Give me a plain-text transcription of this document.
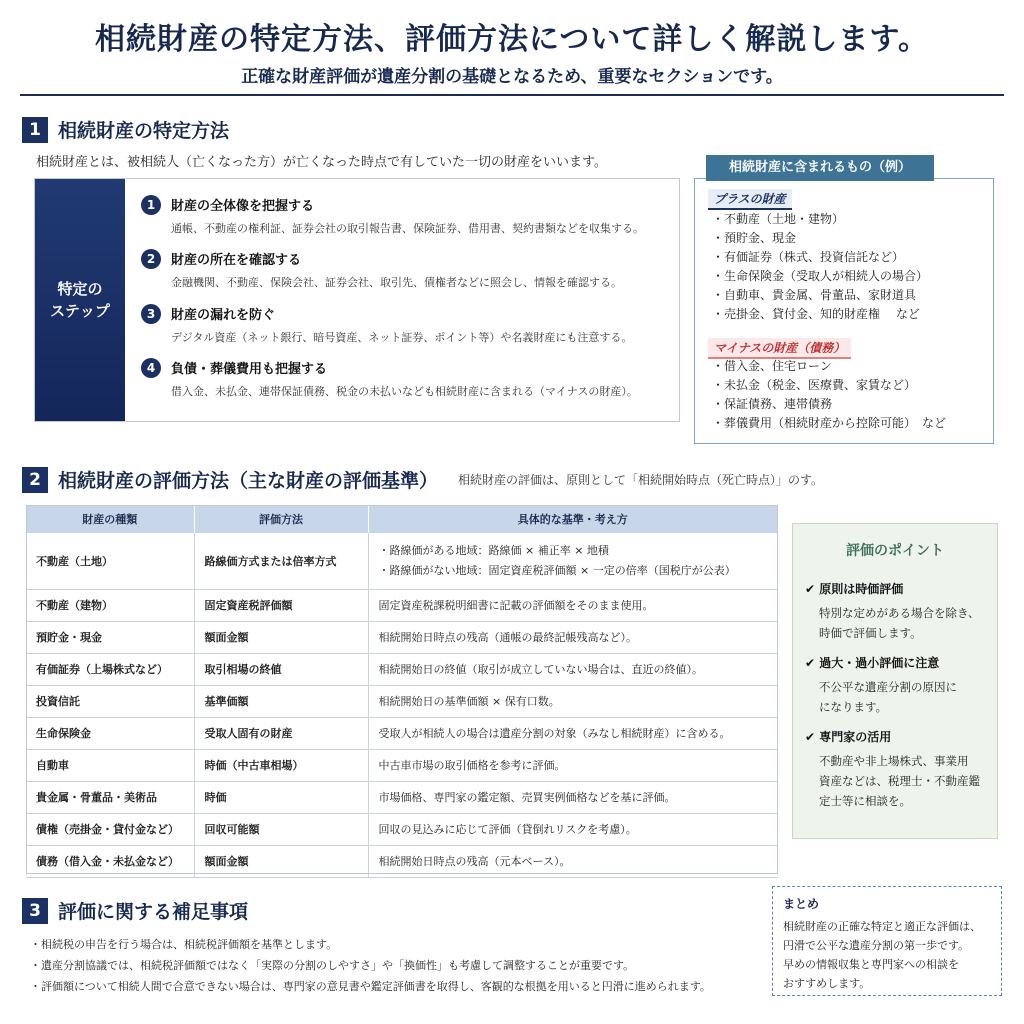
相続財産の特定方法、評価方法について詳しく解説します。
正確な財産評価が遺産分割の基礎となるため、重要なセクションです。
1 相続財産の特定方法
相続財産とは、被相続人（亡くなった方）が亡くなった時点で有していた一切の財産をいいます。
特定の
ステップ
1	財産の全体像を把握する
通帳、不動産の権利証、証券会社の取引報告書、保険証券、借用書、契約書類などを収集する。
2	財産の所在を確認する
金融機関、不動産、保険会社、証券会社、取引先、債権者などに照会し、情報を確認する。
3	財産の漏れを防ぐ
デジタル資産（ネット銀行、暗号資産、ネット証券、ポイント等）や名義財産にも注意する。
4	負債・葬儀費用も把握する
借入金、未払金、連帯保証債務、税金の未払いなども相続財産に含まれる（マイナスの財産）。
相続財産に含まれるもの（例）
プラスの財産
・ 不動産（土地・建物）
・ 預貯金、現金
・ 有価証券（株式、投資信託など）
・ 生命保険金（受取人が相続人の場合）
・ 自動車、貴金属、骨董品、家財道具
・ 売掛金、貸付金、知的財産権　 など
マイナスの財産（債務）
・ 借入金、住宅ローン
・ 未払金（税金、医療費、家賃など）
・ 保証債務、連帯債務
・ 葬儀費用（相続財産から控除可能）　など
2 相続財産の評価方法（主な財産の評価基準） 相続財産の評価は、原則として「相続開始時点（死亡時点）」のす。
財産の種類	評価方法	具体的な基準・考え方
不動産（土地）	路線価方式または倍率方式	・路線価がある地域：路線価 × 補正率 × 地積
・路線価がない地域：固定資産税評価額 × 一定の倍率（国税庁が公表）

不動産（建物）	固定資産税評価額	固定資産税課税明細書に記載の評価額をそのまま使用。
預貯金・現金	額面金額	相続開始日時点の残高（通帳の最終記帳残高など）。
有価証券（上場株式など）	取引相場の終値	相続開始日の終値（取引が成立していない場合は、直近の終値）。
投資信託	基準価額	相続開始日の基準価額 × 保有口数。
生命保険金	受取人固有の財産	受取人が相続人の場合は遺産分割の対象（みなし相続財産）に含める。
自動車	時価（中古車相場）	中古車市場の取引価格を参考に評価。
貴金属・骨董品・美術品	時価	市場価格、専門家の鑑定額、売買実例価格などを基に評価。
債権（売掛金・貸付金など）	回収可能額	回収の見込みに応じて評価（貸倒れリスクを考慮）。
債務（借入金・未払金など）	額面金額	相続開始日時点の残高（元本ベース）。
評価のポイント
✔ 原則は時価評価
特別な定めがある場合を除き、
時価で評価します。
✔ 過大・過小評価に注意
不公平な遺産分割の原因に
になります。
✔ 専門家の活用
不動産や非上場株式、事業用
資産などは、税理士・不動産鑑
定士等に相談を。
3 評価に関する補足事項
・ 相続税の申告を行う場合は、相続税評価額を基準とします。
・ 遺産分割協議では、相続税評価額ではなく「実際の分割のしやすさ」や「換価性」も考慮して調整することが重要です。
・ 評価額について相続人間で合意できない場合は、専門家の意見書や鑑定評価書を取得し、客観的な根拠を用いると円滑に進められます。
まとめ
相続財産の正確な特定と適正な評価は、
円滑で公平な遺産分割の第一歩です。
早めの情報収集と専門家への相談を
おすすめします。
